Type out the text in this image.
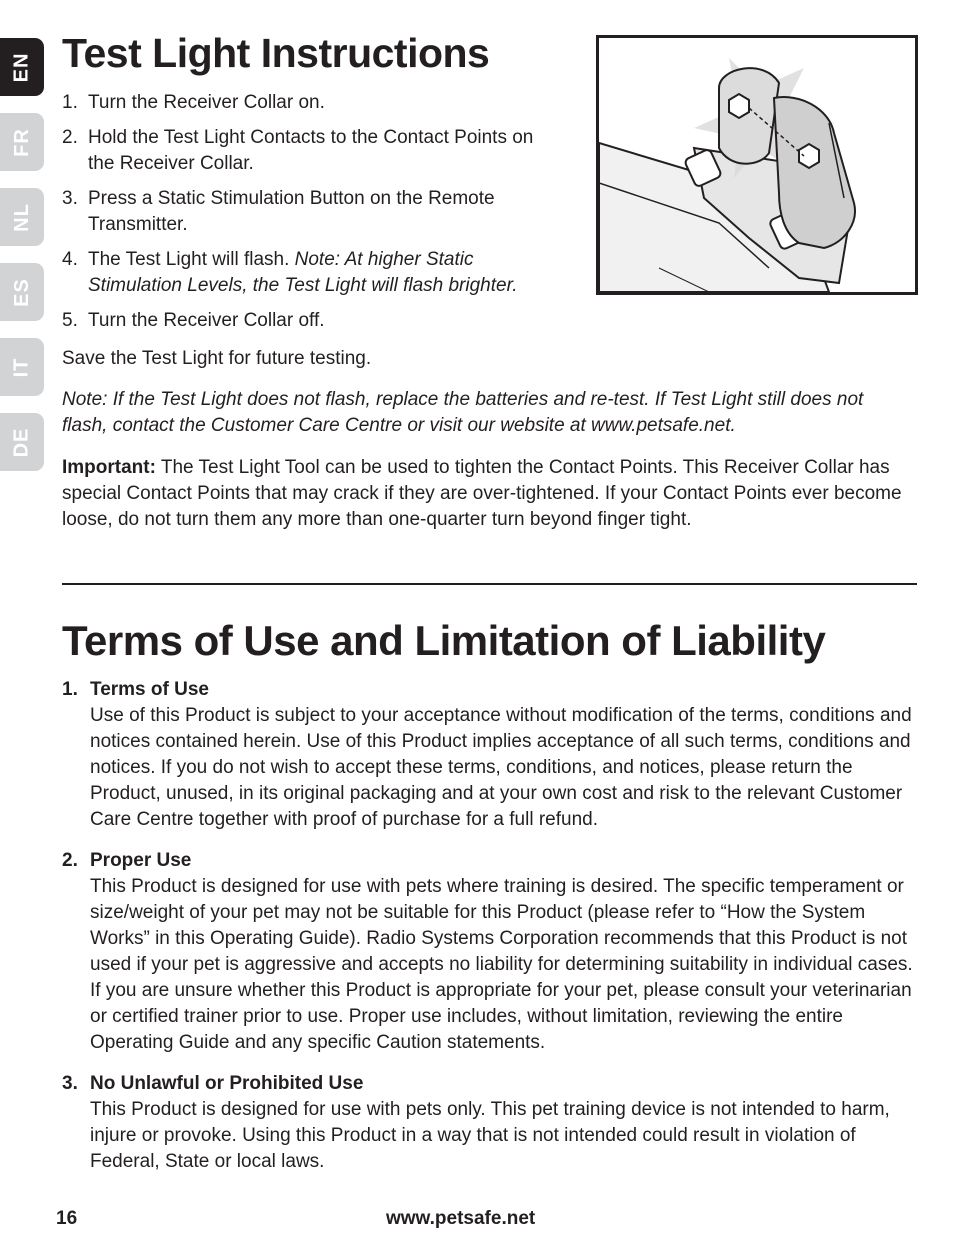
EN
FR
NL
ES
IT
DE
Test Light Instructions
1. Turn the Receiver Collar on.
2. Hold the Test Light Contacts to the Contact Points on the Receiver Collar.
3. Press a Static Stimulation Button on the Remote Transmitter.
4. The Test Light will flash. Note: At higher Static Stimulation Levels, the Test Light will flash brighter.
5. Turn the Receiver Collar off.

Save the Test Light for future testing.

Note: If the Test Light does not flash, replace the batteries and re-test. If Test Light still does not flash, contact the Customer Care Centre or visit our website at www.petsafe.net.

Important: The Test Light Tool can be used to tighten the Contact Points. This Receiver Collar has special Contact Points that may crack if they are over-tightened. If your Contact Points ever become loose, do not turn them any more than one-quarter turn beyond finger tight.

Terms of Use and Limitation of Liability
1. Terms of Use
Use of this Product is subject to your acceptance without modification of the terms, conditions and notices contained herein. Use of this Product implies acceptance of all such terms, conditions and notices. If you do not wish to accept these terms, conditions, and notices, please return the Product, unused, in its original packaging and at your own cost and risk to the relevant Customer Care Centre together with proof of purchase for a full refund.
2. Proper Use
This Product is designed for use with pets where training is desired. The specific temperament or size/weight of your pet may not be suitable for this Product (please refer to “How the System Works” in this Operating Guide). Radio Systems Corporation recommends that this Product is not used if your pet is aggressive and accepts no liability for determining suitability in individual cases. If you are unsure whether this Product is appropriate for your pet, please consult your veterinarian or certified trainer prior to use. Proper use includes, without limitation, reviewing the entire Operating Guide and any specific Caution statements.
3. No Unlawful or Prohibited Use
This Product is designed for use with pets only. This pet training device is not intended to harm, injure or provoke. Using this Product in a way that is not intended could result in violation of Federal, State or local laws.
16	www.petsafe.net
